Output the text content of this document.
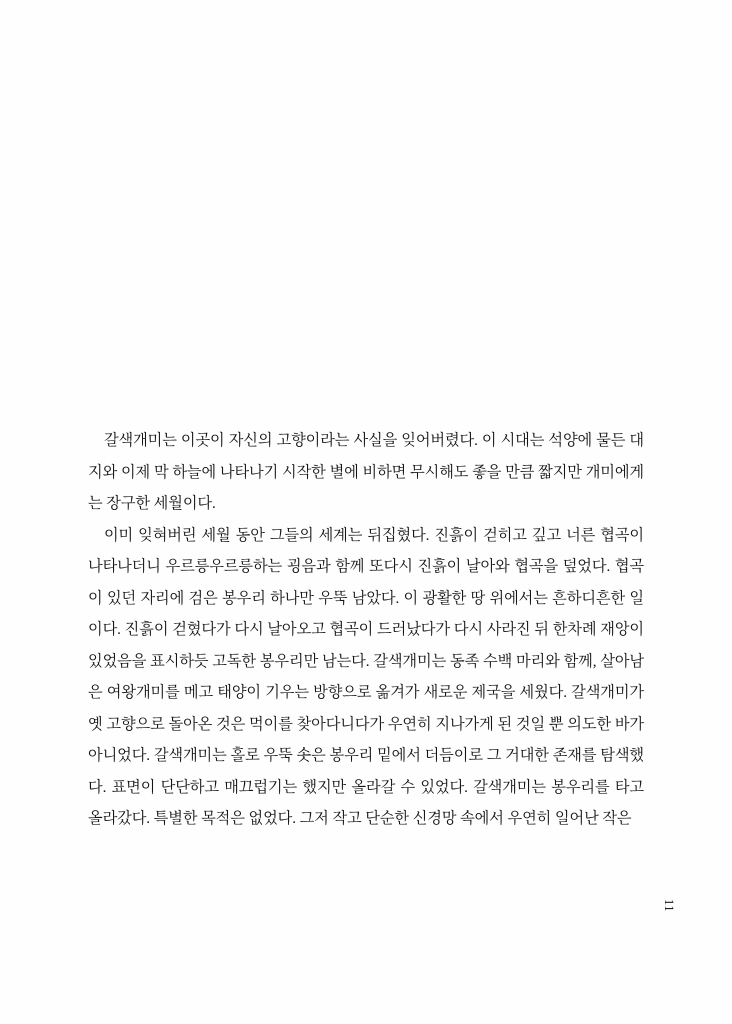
갈색개미는 이곳이 자신의 고향이라는 사실을 잊어버렸다. 이 시대는 석양에 물든 대지와 이제 막 하늘에 나타나기 시작한 별에 비하면 무시해도 좋을 만큼 짧지만 개미에게는 장구한 세월이다.

이미 잊혀버린 세월 동안 그들의 세계는 뒤집혔다. 진흙이 걷히고 깊고 너른 협곡이 나타나더니 우르릉우르릉하는 굉음과 함께 또다시 진흙이 날아와 협곡을 덮었다. 협곡이 있던 자리에 검은 봉우리 하나만 우뚝 남았다. 이 광활한 땅 위에서는 흔하디흔한 일이다. 진흙이 걷혔다가 다시 날아오고 협곡이 드러났다가 다시 사라진 뒤 한차례 재앙이 있었음을 표시하듯 고독한 봉우리만 남는다. 갈색개미는 동족 수백 마리와 함께, 살아남은 여왕개미를 메고 태양이 기우는 방향으로 옮겨가 새로운 제국을 세웠다. 갈색개미가 옛 고향으로 돌아온 것은 먹이를 찾아다니다가 우연히 지나가게 된 것일 뿐 의도한 바가 아니었다. 갈색개미는 홀로 우뚝 솟은 봉우리 밑에서 더듬이로 그 거대한 존재를 탐색했다. 표면이 단단하고 매끄럽기는 했지만 올라갈 수 있었다. 갈색개미는 봉우리를 타고 올라갔다. 특별한 목적은 없었다. 그저 작고 단순한 신경망 속에서 우연히 일어난 작은

11
